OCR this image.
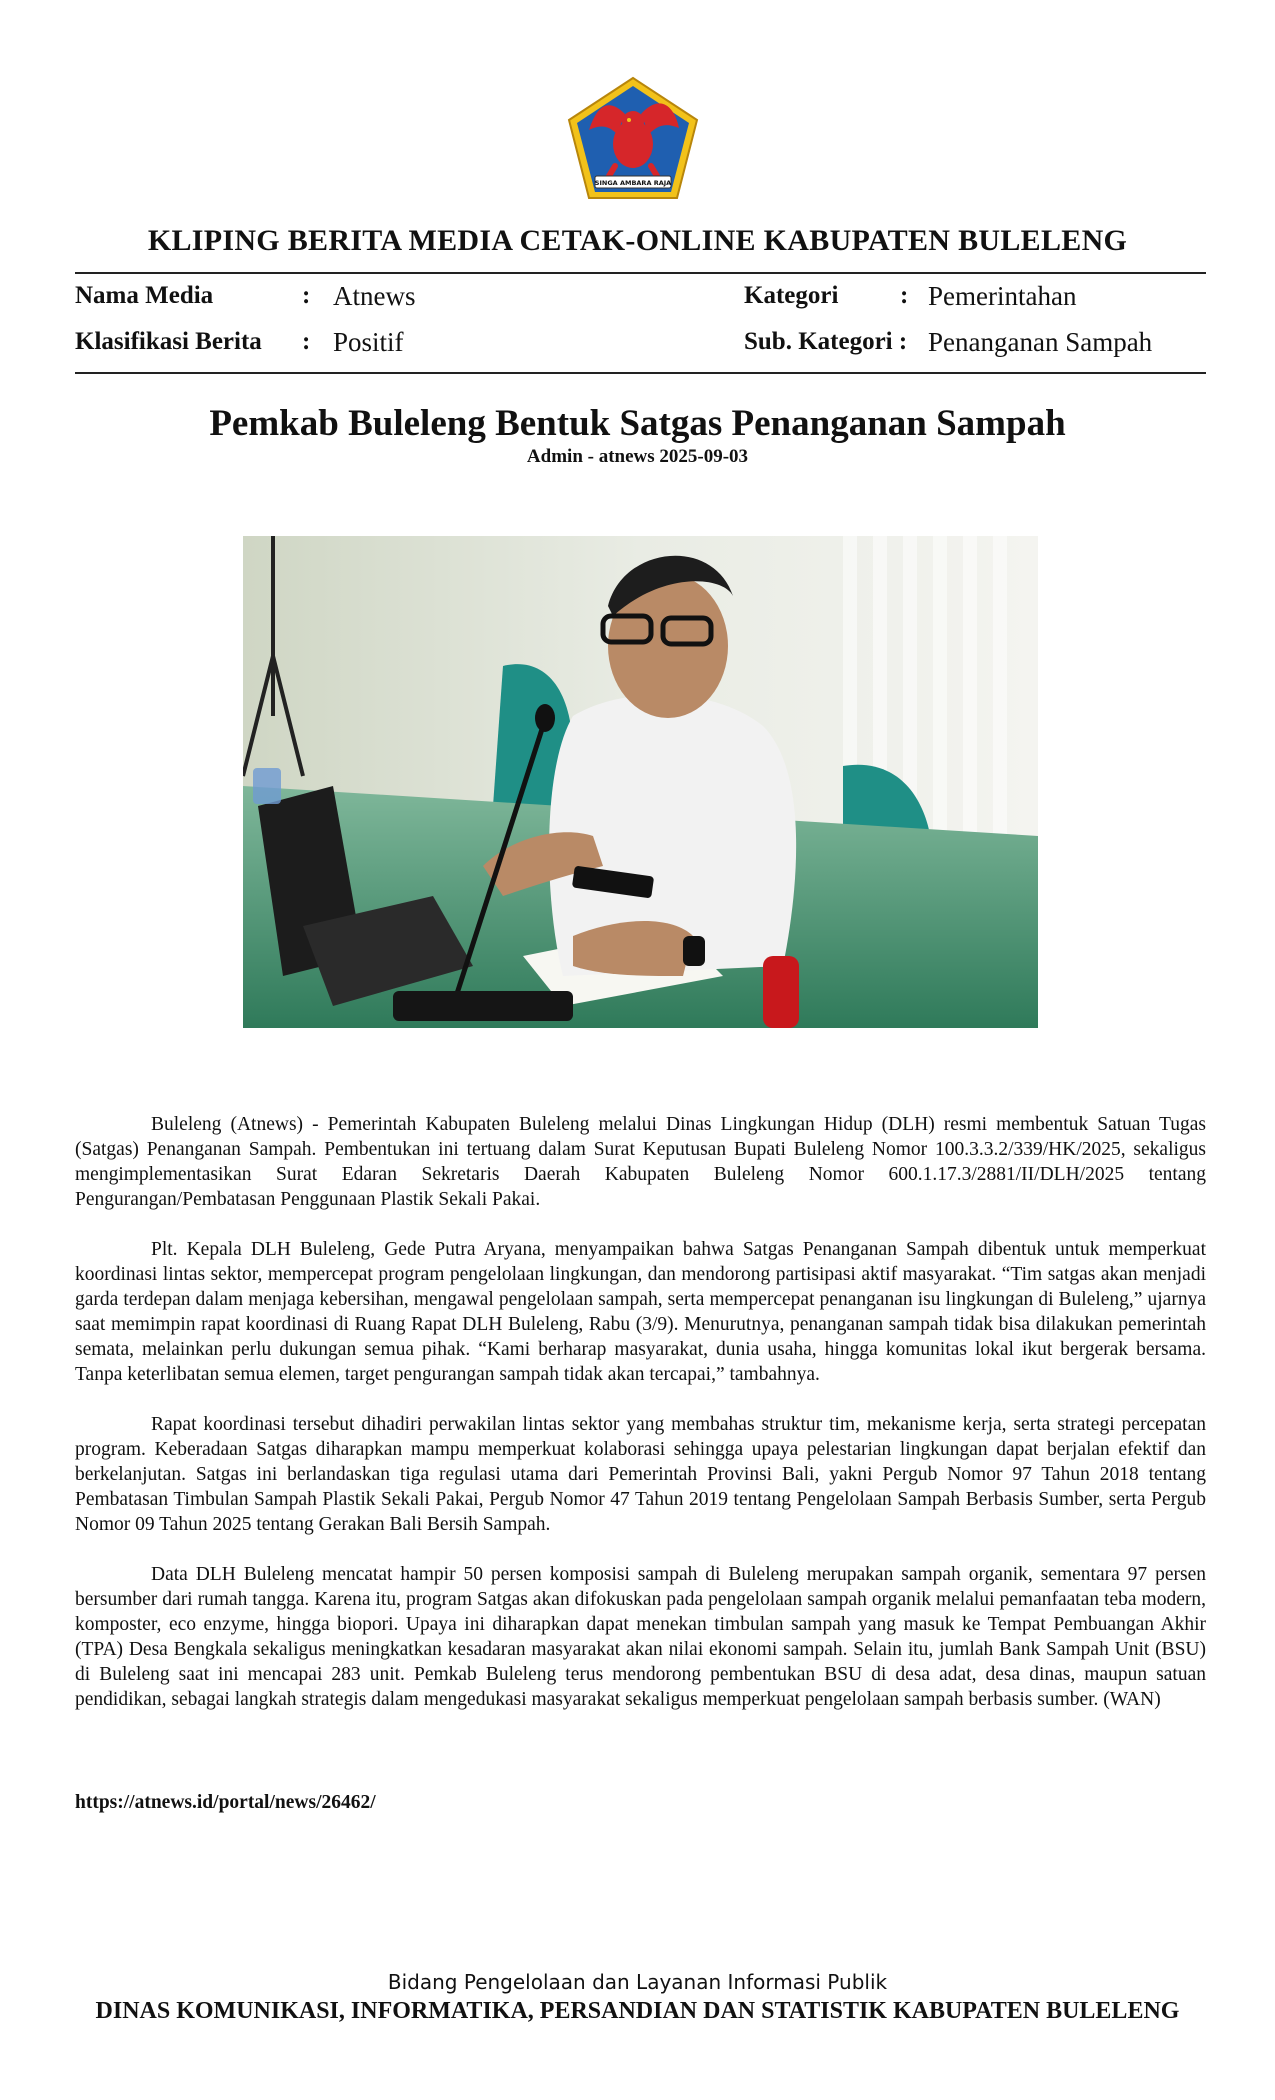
SINGA AMBARA RAJA
KLIPING BERITA MEDIA CETAK-ONLINE KABUPATEN BULELENG
Nama Media	: Atnews
Klasifikasi Berita : Positif
Kategori : Pemerintahan
Sub. Kategori : Penanganan Sampah
Pemkab Buleleng Bentuk Satgas Penanganan Sampah
Admin - atnews 2025-09-03

Buleleng (Atnews) - Pemerintah Kabupaten Buleleng melalui Dinas Lingkungan Hidup (DLH) resmi membentuk Satuan Tugas (Satgas) Penanganan Sampah. Pembentukan ini tertuang dalam Surat Keputusan Bupati Buleleng Nomor 100.3.3.2/339/HK/2025, sekaligus mengimplementasikan Surat Edaran Sekretaris Daerah Kabupaten Buleleng Nomor 600.1.17.3/2881/II/DLH/2025 tentang Pengurangan/Pembatasan Penggunaan Plastik Sekali Pakai.

Plt. Kepala DLH Buleleng, Gede Putra Aryana, menyampaikan bahwa Satgas Penanganan Sampah dibentuk untuk memperkuat koordinasi lintas sektor, mempercepat program pengelolaan lingkungan, dan mendorong partisipasi aktif masyarakat. “Tim satgas akan menjadi garda terdepan dalam menjaga kebersihan, mengawal pengelolaan sampah, serta mempercepat penanganan isu lingkungan di Buleleng,” ujarnya saat memimpin rapat koordinasi di Ruang Rapat DLH Buleleng, Rabu (3/9). Menurutnya, penanganan sampah tidak bisa dilakukan pemerintah semata, melainkan perlu dukungan semua pihak. “Kami berharap masyarakat, dunia usaha, hingga komunitas lokal ikut bergerak bersama. Tanpa keterlibatan semua elemen, target pengurangan sampah tidak akan tercapai,” tambahnya.

Rapat koordinasi tersebut dihadiri perwakilan lintas sektor yang membahas struktur tim, mekanisme kerja, serta strategi percepatan program. Keberadaan Satgas diharapkan mampu memperkuat kolaborasi sehingga upaya pelestarian lingkungan dapat berjalan efektif dan berkelanjutan. Satgas ini berlandaskan tiga regulasi utama dari Pemerintah Provinsi Bali, yakni Pergub Nomor 97 Tahun 2018 tentang Pembatasan Timbulan Sampah Plastik Sekali Pakai, Pergub Nomor 47 Tahun 2019 tentang Pengelolaan Sampah Berbasis Sumber, serta Pergub Nomor 09 Tahun 2025 tentang Gerakan Bali Bersih Sampah.

Data DLH Buleleng mencatat hampir 50 persen komposisi sampah di Buleleng merupakan sampah organik, sementara 97 persen bersumber dari rumah tangga. Karena itu, program Satgas akan difokuskan pada pengelolaan sampah organik melalui pemanfaatan teba modern, komposter, eco enzyme, hingga biopori. Upaya ini diharapkan dapat menekan timbulan sampah yang masuk ke Tempat Pembuangan Akhir (TPA) Desa Bengkala sekaligus meningkatkan kesadaran masyarakat akan nilai ekonomi sampah. Selain itu, jumlah Bank Sampah Unit (BSU) di Buleleng saat ini mencapai 283 unit. Pemkab Buleleng terus mendorong pembentukan BSU di desa adat, desa dinas, maupun satuan pendidikan, sebagai langkah strategis dalam mengedukasi masyarakat sekaligus memperkuat pengelolaan sampah berbasis sumber. (WAN)

https://atnews.id/portal/news/26462/
Bidang Pengelolaan dan Layanan Informasi Publik
DINAS KOMUNIKASI, INFORMATIKA, PERSANDIAN DAN STATISTIK KABUPATEN BULELENG
